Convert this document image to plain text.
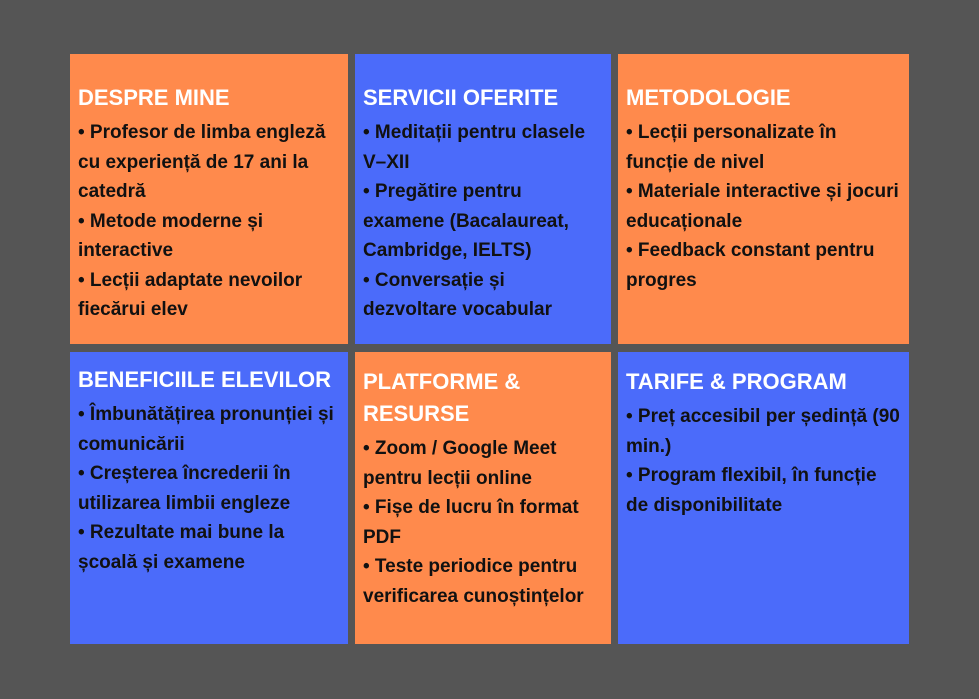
DESPRE MINE

• Profesor de limba engleză cu experiență de 17 ani la catedră

• Metode moderne și interactive

• Lecții adaptate nevoilor fiecărui elev

SERVICII OFERITE

• Meditații pentru clasele V–XII

• Pregătire pentru examene (Bacalaureat, Cambridge, IELTS)

• Conversație și dezvoltare vocabular

METODOLOGIE

• Lecții personalizate în funcție de nivel

• Materiale interactive și jocuri educaționale

• Feedback constant pentru progres

BENEFICIILE ELEVILOR

• Îmbunătățirea pronunției și comunicării

• Creșterea încrederii în utilizarea limbii engleze

• Rezultate mai bune la școală și examene

PLATFORME & RESURSE

• Zoom / Google Meet pentru lecții online

• Fișe de lucru în format PDF

• Teste periodice pentru verificarea cunoștințelor

TARIFE & PROGRAM

• Preț accesibil per ședință (90 min.)

• Program flexibil, în funcție de disponibilitate
